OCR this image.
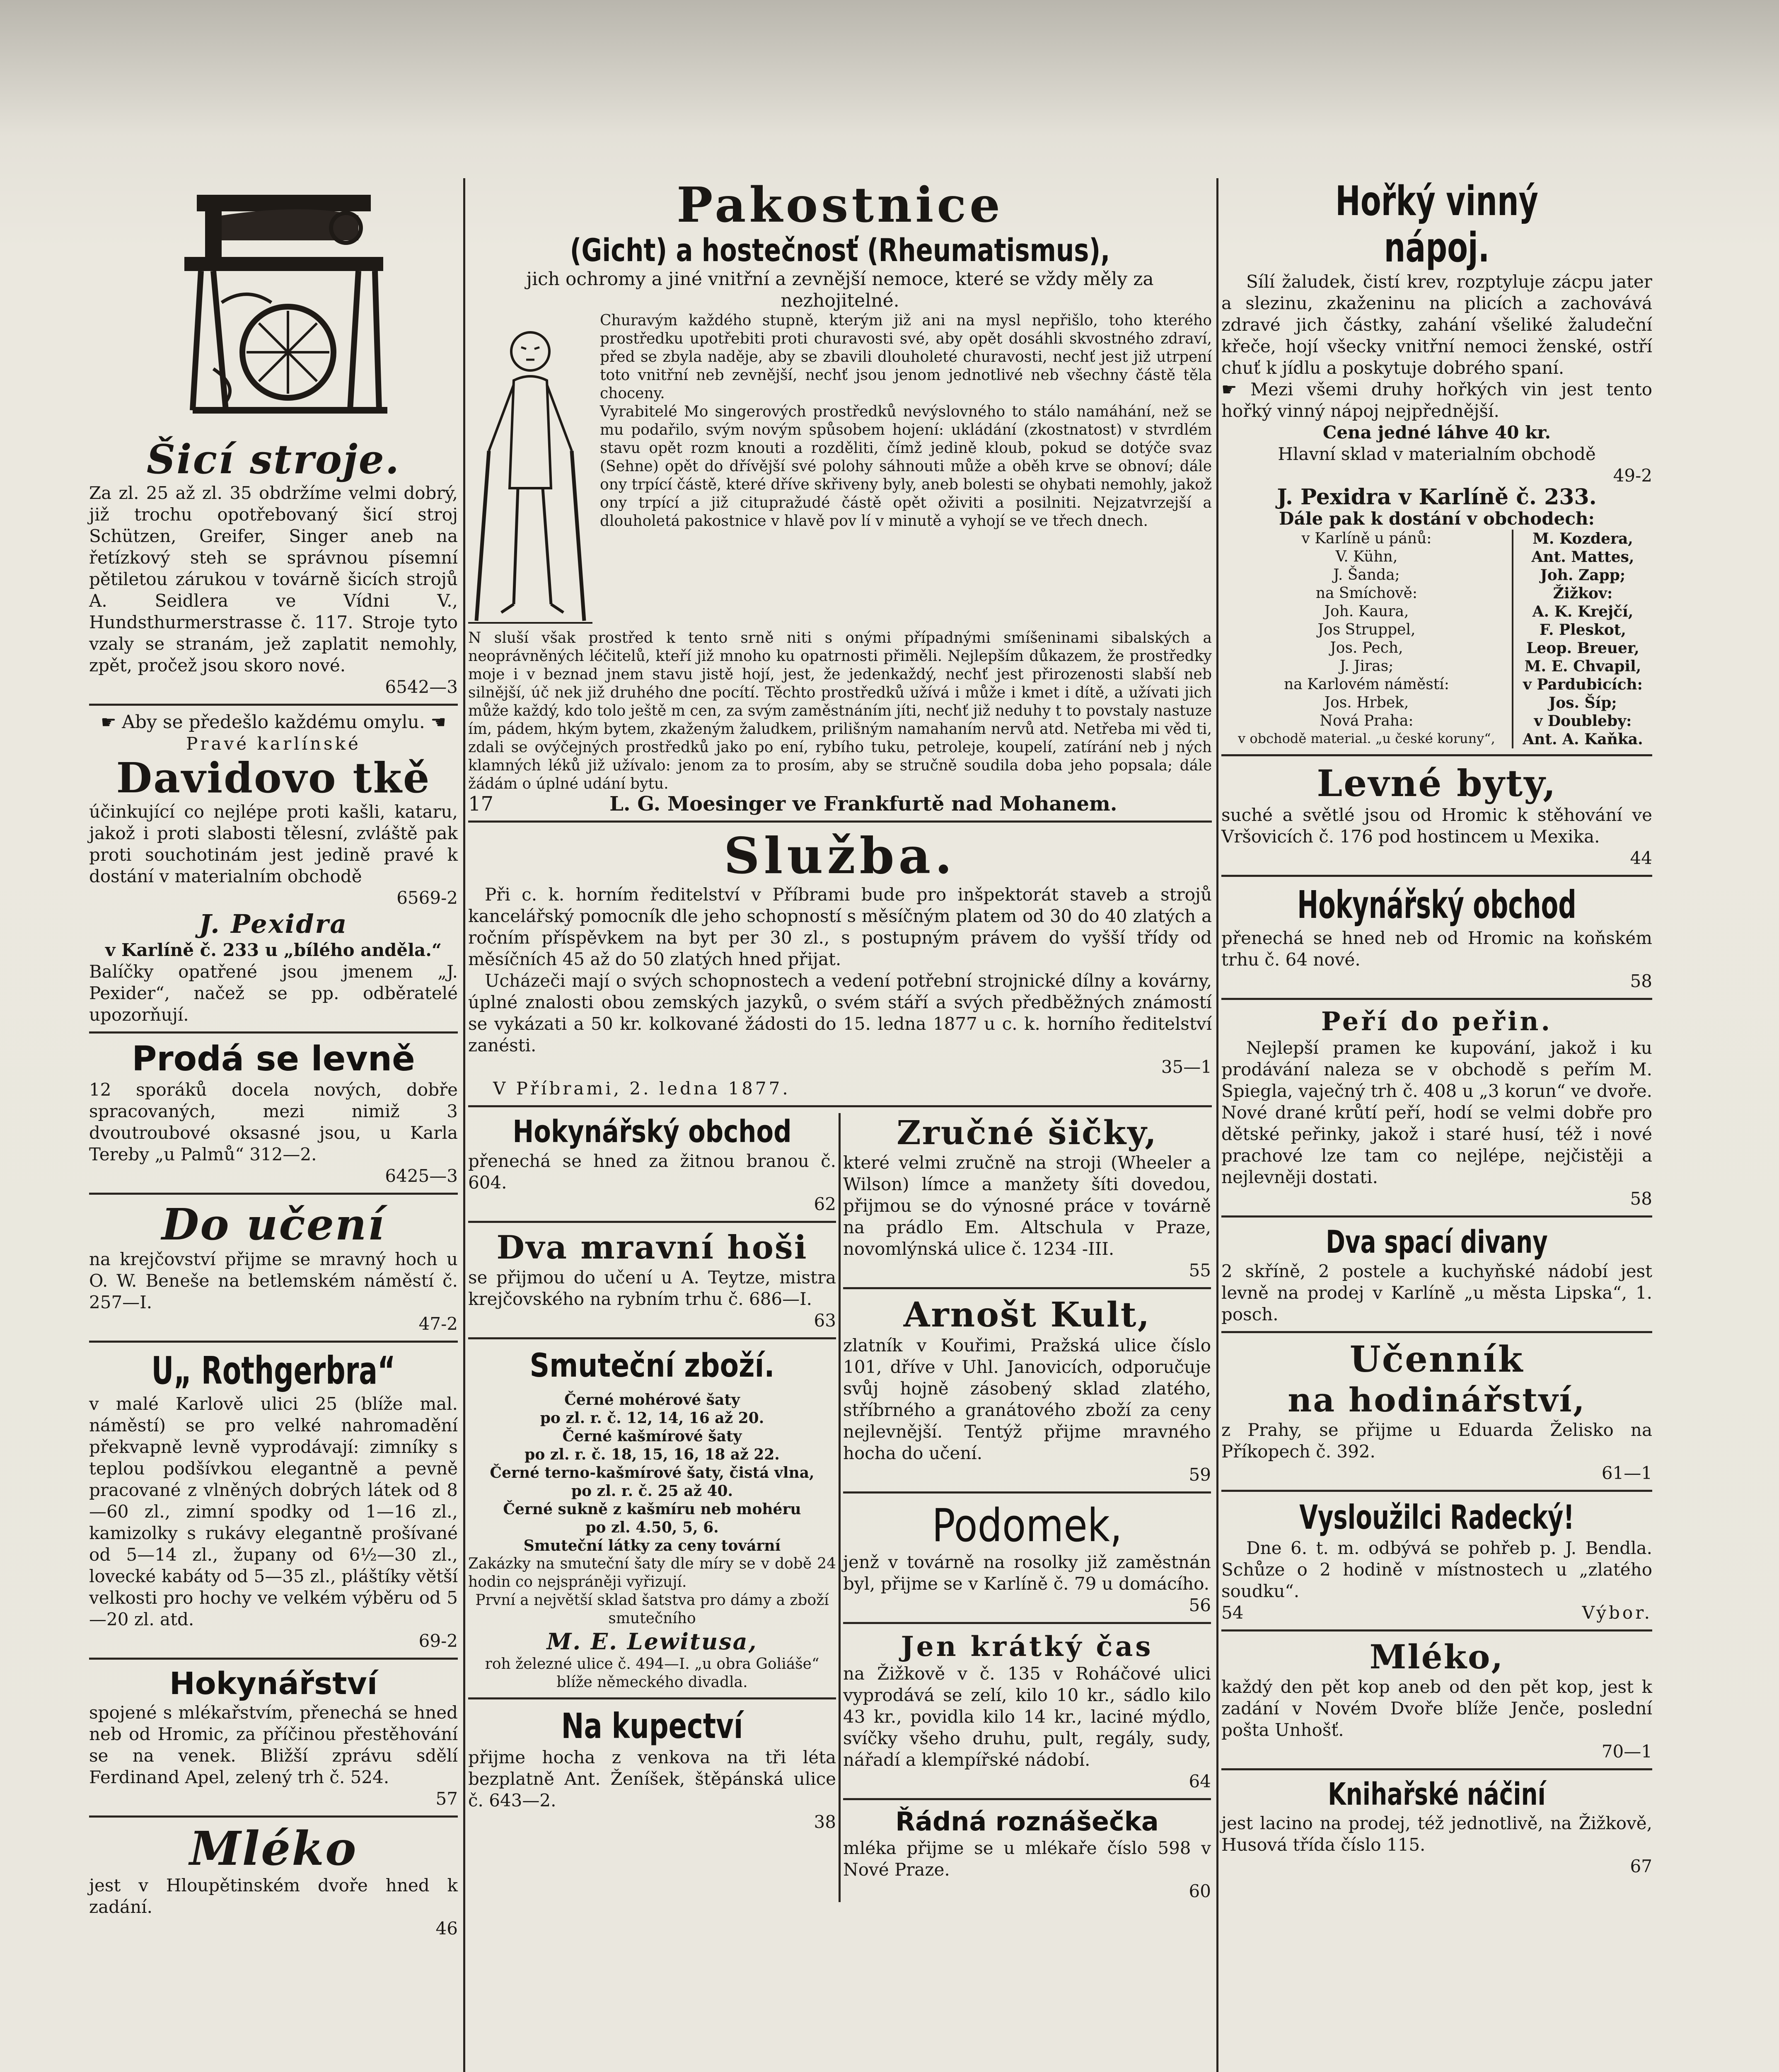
Šicí stroje.

Za zl. 25 až zl. 35 obdržíme velmi dobrý, již trochu opotřebovaný šicí stroj Schützen, Greifer, Singer aneb na řetízkový steh se správnou písemní pětiletou zárukou v továrně šicích strojů A. Seidlera ve Vídni V., Hundsthurmerstrasse č. 117. Stroje tyto vzaly se stranám, jež zaplatit nemohly, zpět, pročež jsou skoro nové.

6542—3

☛ Aby se předešlo každému omylu. ☚

Pravé karlínské

Davidovo tkě

účinkující co nejlépe proti kašli, kataru, jakož i proti slabosti tělesní, zvláště pak proti souchotinám jest jedině pravé k dostání v materialním obchodě

6569-2

J. Pexidra

v Karlíně č. 233 u „bílého anděla.“

Balíčky opatřené jsou jmenem „J. Pexider“, načež se pp. odběratelé upozorňují.

Prodá se levně

12 sporáků docela nových, dobře spracovaných, mezi nimiž 3 dvoutroubové oksasné jsou, u Karla Tereby „u Palmů“ 312—2.

6425—3

Do učení

na krejčovství přijme se mravný hoch u O. W. Beneše na betlemském náměstí č. 257—I.

47-2

U„ Rothgerbra“

v malé Karlově ulici 25 (blíže mal. náměstí) se pro velké nahromadění překvapně levně vyprodávají: zimníky s teplou podšívkou elegantně a pevně pracované z vlněných dobrých látek od 8—60 zl., zimní spodky od 1—16 zl., kamizolky s rukávy elegantně prošívané od 5—14 zl., župany od 6½—30 zl., lovecké kabáty od 5—35 zl., pláštíky větší velkosti pro hochy ve velkém výběru od 5—20 zl. atd.

69-2

Hokynářství

spojené s mlékařstvím, přenechá se hned neb od Hromic, za příčinou přestěhování se na venek. Bližší zprávu sdělí Ferdinand Apel, zelený trh č. 524.

57

Mléko

jest v Hloupětinském dvoře hned k zadání.

46

Pakostnice

(Gicht) a hostečnosť (Rheumatismus),

jich ochromy a jiné vnitřní a zevnější nemoce, které se vždy měly za nezhojitelné.

Churavým každého stupně, kterým již ani na mysl nepřišlo, toho kterého prostředku upotřebiti proti churavosti své, aby opět dosáhli skvostného zdraví, před se zbyla naděje, aby se zbavili dlouholeté churavosti, nechť jest již utrpení toto vnitřní neb zevnější, nechť jsou jenom jednotlivé neb všechny částě těla choceny.

Vyrabitelé Mo singerových prostředků nevýslovného to stálo namáhání, než se mu podařilo, svým novým spůsobem hojení: ukládání (zkostnatost) v stvrdlém stavu opět rozm knouti a rozděliti, čímž jedině kloub, pokud se dotýče svaz (Sehne) opět do dřívější své polohy sáhnouti může a oběh krve se obnoví; dále ony trpící částě, které dříve skřiveny byly, aneb bolesti se ohybati nemohly, jakož ony trpící a již citupražudé částě opět oživiti a posilniti. Nejzatvrzejší a dlouholetá pakostnice v hlavě pov lí v minutě a vyhojí se ve třech dnech.

N sluší však prostřed k tento srně niti s onými případnými smíšeninami sibalských a neoprávněných léčitelů, kteří již mnoho ku opatrnosti přiměli. Nejlepším důkazem, že prostředky moje i v beznad jnem stavu jistě hojí, jest, že jedenkaždý, nechť jest přirozenosti slabší neb silnější, úč nek již druhého dne pocítí. Těchto prostředků užívá i může i kmet i dítě, a užívati jich může každý, kdo tolo ještě m cen, za svým zaměstnáním jíti, nechť již neduhy t to povstaly nastuze ím, pádem, hkým bytem, zkaženým žaludkem, prilišným namahaním nervů atd. Netřeba mi věd ti, zdali se ovýčejných prostředků jako po ení, rybího tuku, petroleje, koupelí, zatírání neb j ných klamných léků již užívalo: jenom za to prosím, aby se stručně soudila doba jeho popsala; dále žádám o úplné udání bytu.

17	L. G. Moesinger ve Frankfurtě nad Mohanem.

Služba.

Při c. k. horním ředitelství v Příbrami bude pro inšpektorát staveb a strojů kancelářský pomocník dle jeho schopností s měsíčným platem od 30 do 40 zlatých a ročním příspěvkem na byt per 30 zl., s postupným právem do vyšší třídy od měsíčních 45 až do 50 zlatých hned přijat.

Ucházeči mají o svých schopnostech a vedení potřební strojnické dílny a kovárny, úplné znalosti obou zemských jazyků, o svém stáří a svých předběžných známostí se vykázati a 50 kr. kolkované žádosti do 15. ledna 1877 u c. k. horního ředitelství zanésti.

35—1

V Příbrami, 2. ledna 1877.

Hokynářský obchod

přenechá se hned za žitnou branou č. 604.

62

Dva mravní hoši

se přijmou do učení u A. Teytze, mistra krejčovského na rybním trhu č. 686—I.

63

Smuteční zboží.

Černé mohérové šaty
po zl. r. č. 12, 14, 16 až 20.
Černé kašmírové šaty
po zl. r. č. 18, 15, 16, 18 až 22.
Černé terno-kašmírové šaty, čistá vlna,
po zl. r. č. 25 až 40.
Černé sukně z kašmíru neb mohéru
po zl. 4.50, 5, 6.
Smuteční látky za ceny tovární

Zakázky na smuteční šaty dle míry se v době 24 hodin co nejspráněji vyřizují.

První a největší sklad šatstva pro dámy a zboží smutečního

M. E. Lewitusa,

roh železné ulice č. 494—I. „u obra Goliáše“ blíže německého divadla.

Na kupectví

přijme hocha z venkova na tři léta bezplatně Ant. Ženíšek, štěpánská ulice č. 643—2.

38

Zručné šičky,

které velmi zručně na stroji (Wheeler a Wilson) límce a manžety šíti dovedou, přijmou se do výnosné práce v továrně na prádlo Em. Altschula v Praze, novomlýnská ulice č. 1234 -III.

55

Arnošt Kult,

zlatník v Kouřimi, Pražská ulice číslo 101, dříve v Uhl. Janovicích, odporučuje svůj hojně zásobený sklad zlatého, stříbrného a granátového zboží za ceny nejlevnější. Tentýž přijme mravného hocha do učení.

59

Podomek,

jenž v továrně na rosolky již zaměstnán byl, přijme se v Karlíně č. 79 u domácího.

56

Jen krátký čas

na Žižkově v č. 135 v Roháčové ulici vyprodává se zelí, kilo 10 kr., sádlo kilo 43 kr., povidla kilo 14 kr., laciné mýdlo, svíčky všeho druhu, pult, regály, sudy, nářadí a klempířské nádobí.

64

Řádná roznášečka

mléka přijme se u mlékaře číslo 598 v Nové Praze.

60

Hořký vinný nápoj.

Sílí žaludek, čistí krev, rozptyluje zácpu jater a slezinu, zkaženinu na plicích a zachovává zdravé jich částky, zahání všeliké žaludeční křeče, hojí všecky vnitřní nemoci ženské, ostří chuť k jídlu a poskytuje dobrého spaní.

☛ Mezi všemi druhy hořkých vin jest tento hořký vinný nápoj nejpřednější.

Cena jedné láhve 40 kr.

Hlavní sklad v materialním obchodě

49-2

J. Pexidra v Karlíně č. 233.

Dále pak k dostání v obchodech:

v Karlíně u pánů:	M. Kozdera,
V. Kühn,	Ant. Mattes,
J. Šanda;	Joh. Zapp;
na Smíchově:	Žižkov:
Joh. Kaura,	A. K. Krejčí,
Jos Struppel,	F. Pleskot,
Jos. Pech,	Leop. Breuer,
J. Jiras;	M. E. Chvapil,
na Karlovém náměstí:	v Pardubicích:
Jos. Hrbek,	Jos. Šíp;
Nová Praha:	v Doubleby:
v obchodě material. „u české koruny“,	Ant. A. Kaňka.

Levné byty,

suché a světlé jsou od Hromic k stěhování ve Vršovicích č. 176 pod hostincem u Mexika.

44

Hokynářský obchod

přenechá se hned neb od Hromic na koňském trhu č. 64 nové.

58

Peří do peřin.

Nejlepší pramen ke kupování, jakož i ku prodávání naleza se v obchodě s peřím M. Spiegla, vaječný trh č. 408 u „3 korun“ ve dvoře. Nové drané krůtí peří, hodí se velmi dobře pro dětské peřinky, jakož i staré husí, též i nové prachové lze tam co nejlépe, nejčistěji a nejlevněji dostati.

58

Dva spací divany

2 skříně, 2 postele a kuchyňské nádobí jest levně na prodej v Karlíně „u města Lipska“, 1. posch.

Učenník

na hodinářství,

z Prahy, se přijme u Eduarda Želisko na Příkopech č. 392.

61—1

Vysloužilci Radecký!

Dne 6. t. m. odbývá se pohřeb p. J. Bendla. Schůze o 2 hodině v místnostech u „zlatého soudku“.

54	Výbor.

Mléko,

každý den pět kop aneb od den pět kop, jest k zadání v Novém Dvoře blíže Jenče, poslední pošta Unhošť.

70—1

Knihařské náčiní

jest lacino na prodej, též jednotlivě, na Žižkově, Husová třída číslo 115.

67
